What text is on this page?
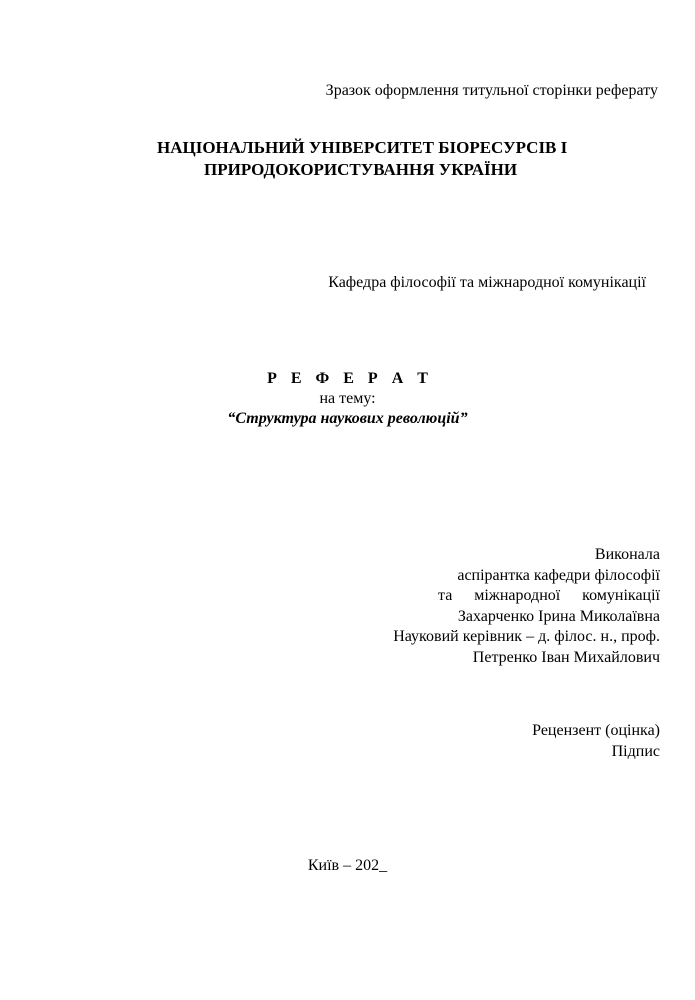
Зразок оформлення титульної сторінки реферату
НАЦІОНАЛЬНИЙ УНІВЕРСИТЕТ БІОРЕСУРСІВ І
ПРИРОДОКОРИСТУВАННЯ УКРАЇНИ
Кафедра філософії та міжнародної комунікації
Р Е Ф Е Р А Т
на тему:
“Структура наукових революцій”
Виконала
аспірантка кафедри філософії
та міжнародної комунікації
Захарченко Ірина Миколаївна
Науковий керівник – д. філос. н., проф.
Петренко Іван Михайлович
Рецензент (оцінка)
Підпис
Київ – 202_
